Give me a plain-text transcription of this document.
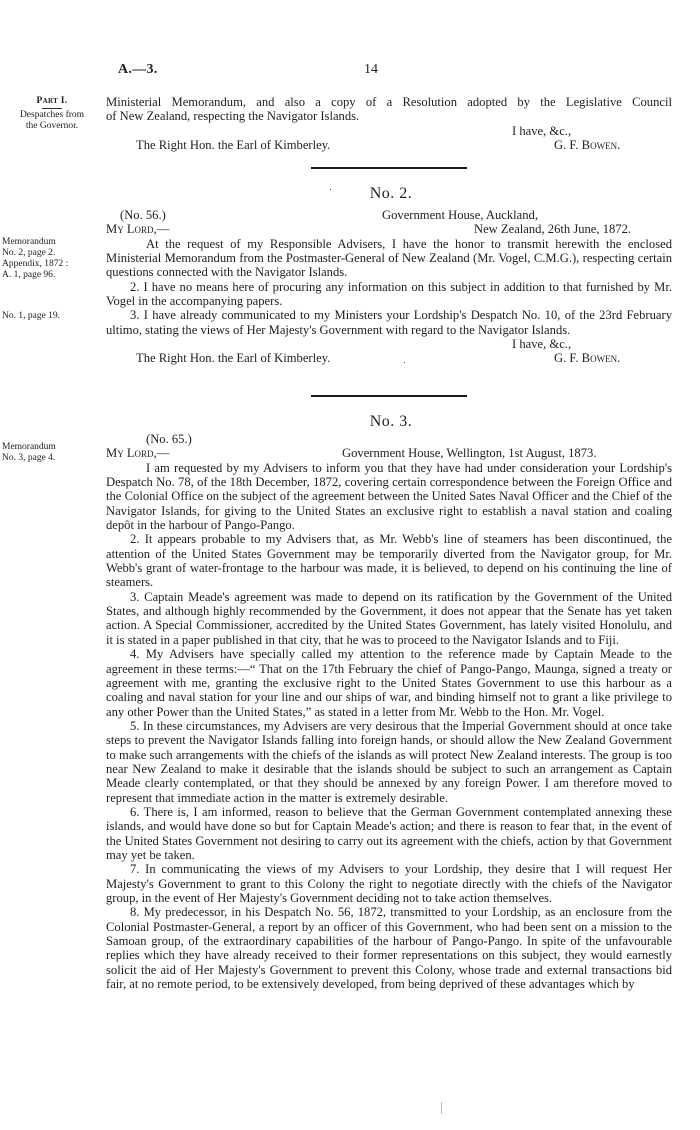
A.—3.	14
Part I.
Despatches from
the Governor.
Memorandum
No. 2, page 2.
Appendix, 1872 :
A. 1, page 96.
No. 1, page 19.
Memorandum
No. 3, page 4.

Ministerial Memorandum, and also a copy of a Resolution adopted by the Legislative Council

of New Zealand, respecting the Navigator Islands.

I have, &c.,
The Right Hon. the Earl of Kimberley.	G. F. Bowen.
No. 2.
(No. 56.)	Government House, Auckland,
My Lord,—	New Zealand, 26th June, 1872.

At the request of my Responsible Advisers, I have the honor to transmit herewith the enclosed Ministerial Memorandum from the Postmaster-General of New Zealand (Mr. Vogel, C.M.G.), respecting certain questions connected with the Navigator Islands.

2. I have no means here of procuring any information on this subject in addition to that furnished by Mr. Vogel in the accompanying papers.

3. I have already communicated to my Ministers your Lordship's Despatch No. 10, of the 23rd February ultimo, stating the views of Her Majesty's Government with regard to the Navigator Islands.

I have, &c.,
The Right Hon. the Earl of Kimberley.	G. F. Bowen.
No. 3.
(No. 65.)
My Lord,—	Government House, Wellington, 1st August, 1873.

I am requested by my Advisers to inform you that they have had under consideration your Lordship's Despatch No. 78, of the 18th December, 1872, covering certain correspondence between the Foreign Office and the Colonial Office on the subject of the agreement between the United Sates Naval Officer and the Chief of the Navigator Islands, for giving to the United States an exclusive right to establish a naval station and coaling depôt in the harbour of Pango-Pango.

2. It appears probable to my Advisers that, as Mr. Webb's line of steamers has been discontinued, the attention of the United States Government may be temporarily diverted from the Navigator group, for Mr. Webb's grant of water-frontage to the harbour was made, it is believed, to depend on his continuing the line of steamers.

3. Captain Meade's agreement was made to depend on its ratification by the Government of the United States, and although highly recommended by the Government, it does not appear that the Senate has yet taken action. A Special Commissioner, accredited by the United States Government, has lately visited Honolulu, and it is stated in a paper published in that city, that he was to proceed to the Navigator Islands and to Fiji.

4. My Advisers have specially called my attention to the reference made by Captain Meade to the agreement in these terms:—“ That on the 17th February the chief of Pango-Pango, Maunga, signed a treaty or agreement with me, granting the exclusive right to the United States Government to use this harbour as a coaling and naval station for your line and our ships of war, and binding himself not to grant a like privilege to any other Power than the United States,” as stated in a letter from Mr. Webb to the Hon. Mr. Vogel.

5. In these circumstances, my Advisers are very desirous that the Imperial Government should at once take steps to prevent the Navigator Islands falling into foreign hands, or should allow the New Zealand Government to make such arrangements with the chiefs of the islands as will protect New Zealand interests. The group is too near New Zealand to make it desirable that the islands should be subject to such an arrangement as Captain Meade clearly contemplated, or that they should be annexed by any foreign Power. I am therefore moved to represent that immediate action in the matter is extremely desirable.

6. There is, I am informed, reason to believe that the German Government contemplated annexing these islands, and would have done so but for Captain Meade's action; and there is reason to fear that, in the event of the United States Government not desiring to carry out its agreement with the chiefs, action by that Government may yet be taken.

7. In communicating the views of my Advisers to your Lordship, they desire that I will request Her Majesty's Government to grant to this Colony the right to negotiate directly with the chiefs of the Navigator group, in the event of Her Majesty's Government deciding not to take action themselves.

8. My predecessor, in his Despatch No. 56, 1872, transmitted to your Lordship, as an enclosure from the Colonial Postmaster-General, a report by an officer of this Government, who had been sent on a mission to the Samoan group, of the extraordinary capabilities of the harbour of Pango-Pango. In spite of the unfavourable replies which they have already received to their former representations on this subject, they would earnestly solicit the aid of Her Majesty's Government to prevent this Colony, whose trade and external transactions bid fair, at no remote period, to be extensively developed, from being deprived of these advantages which by
